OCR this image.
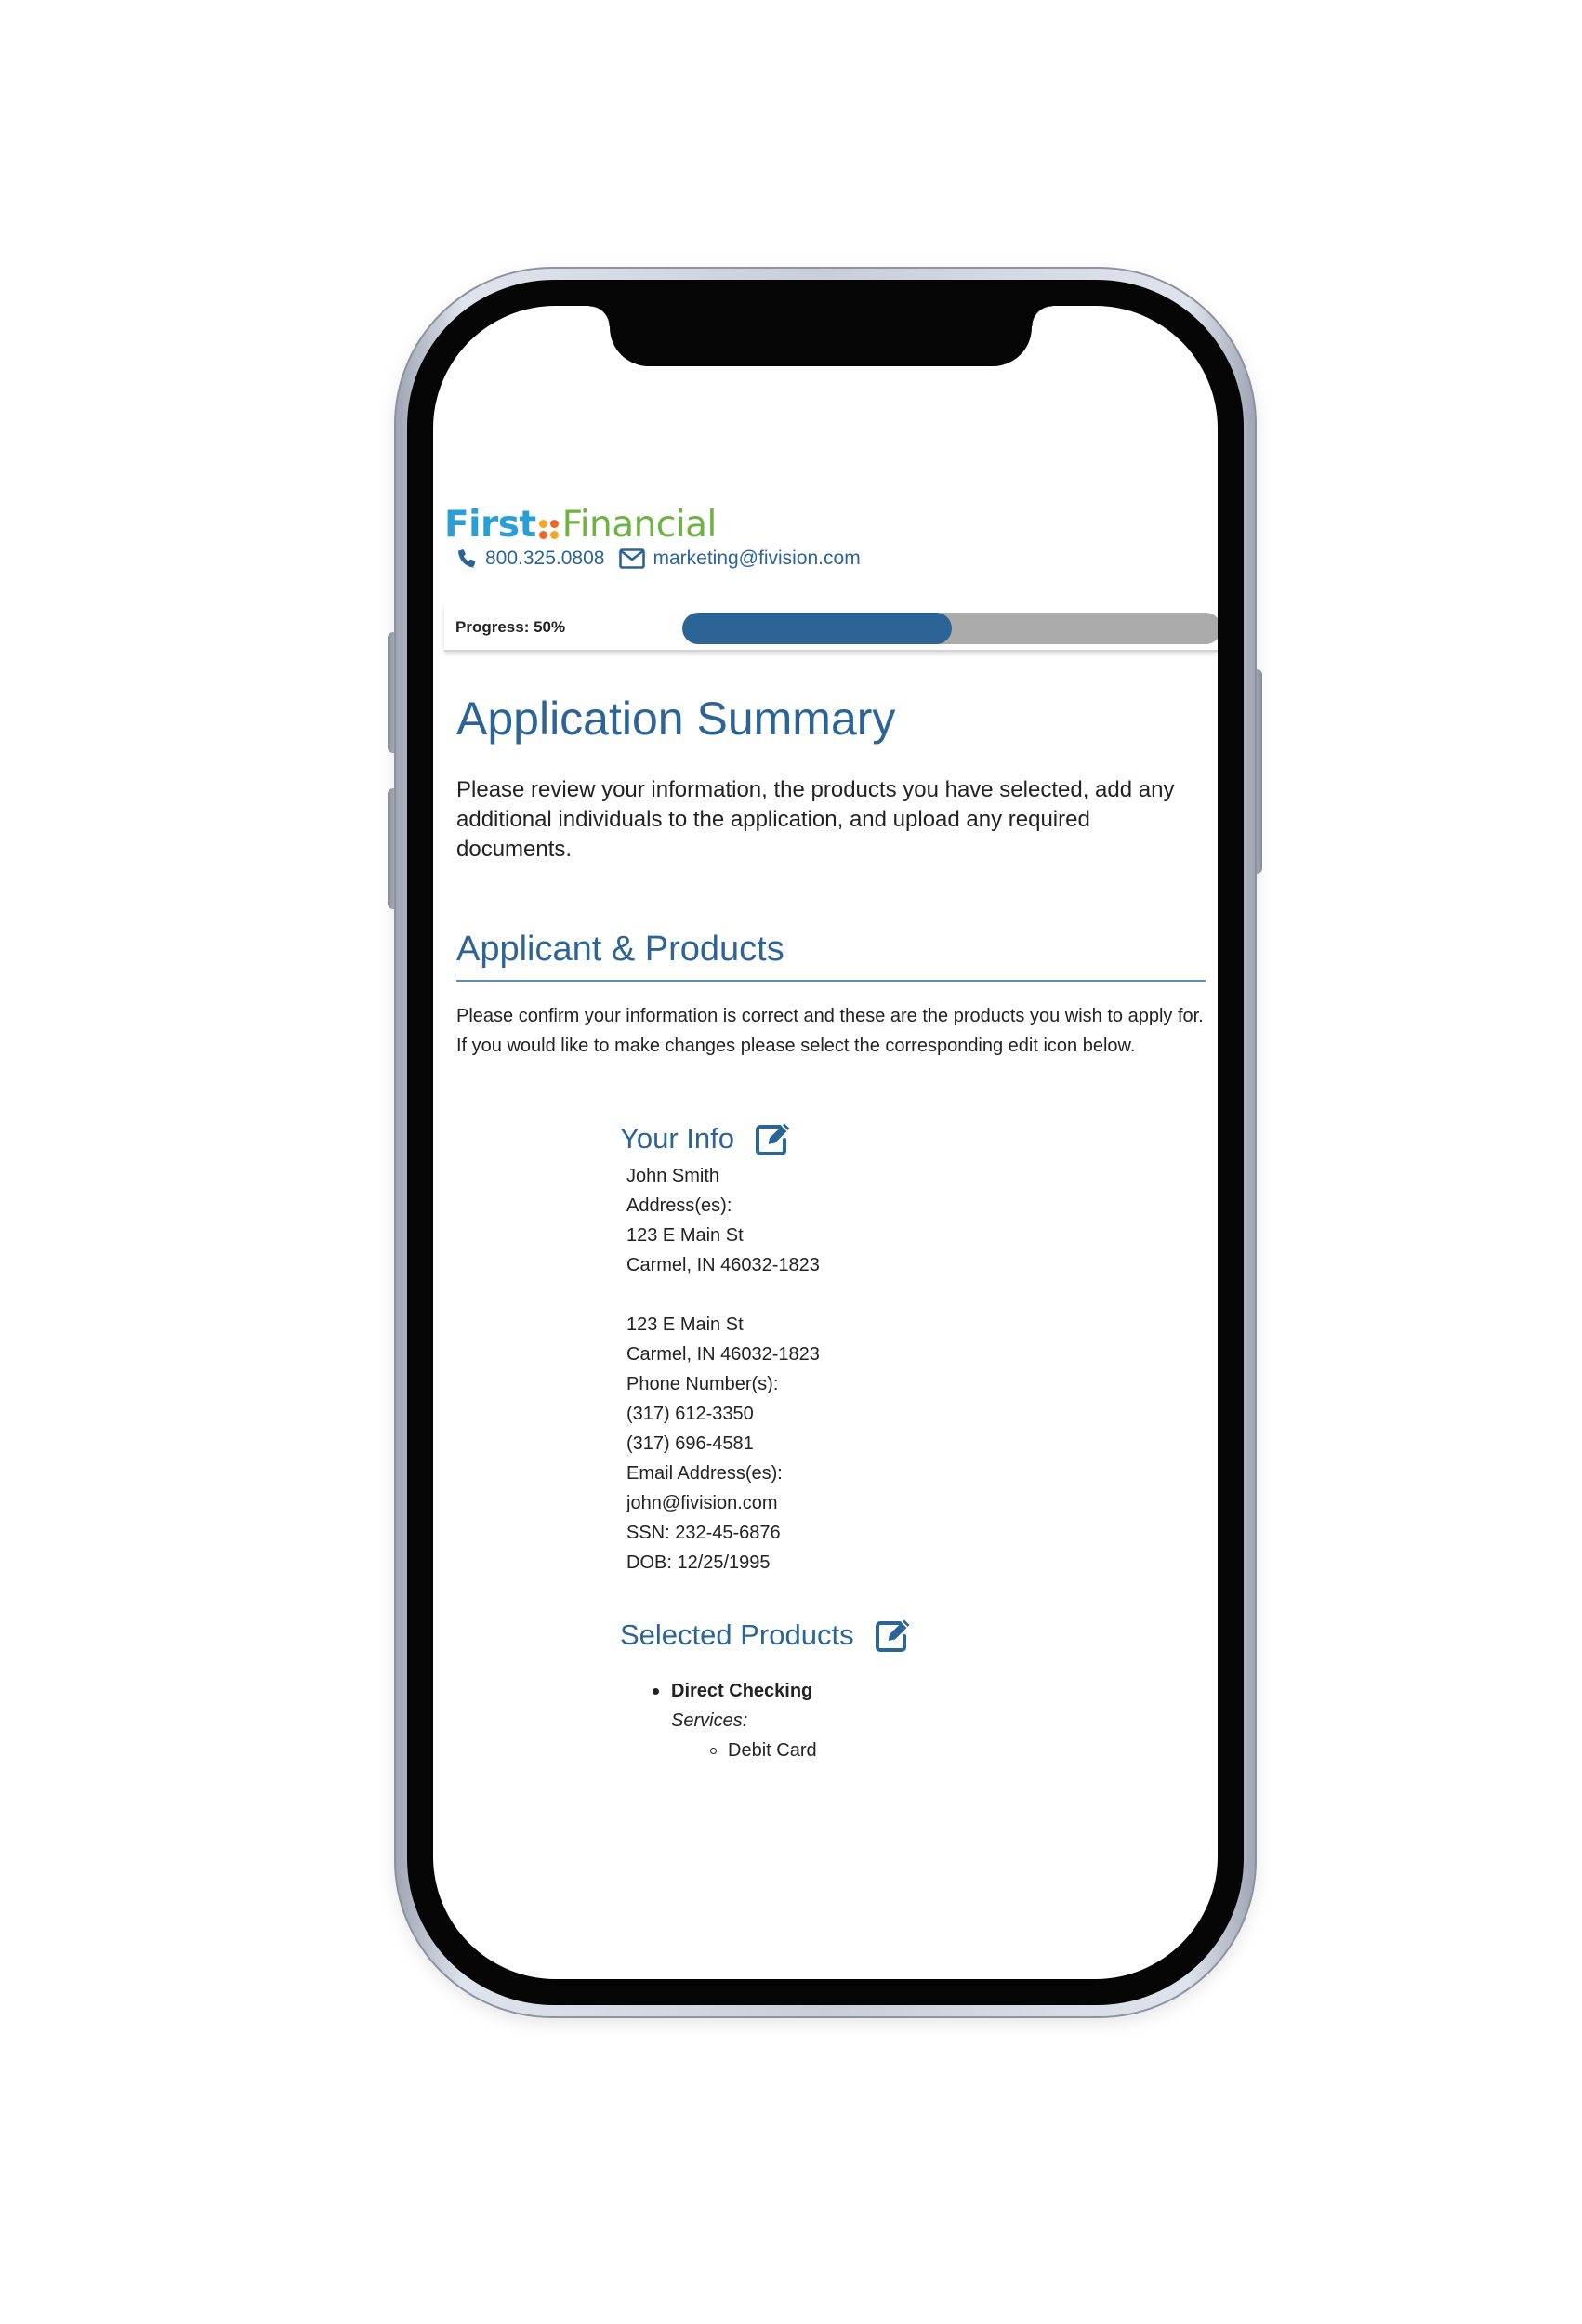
First Financial
800.325.0808 marketing@fivision.com
Progress: 50%
Application Summary

Please review your information, the products you have selected, add any additional individuals to the application, and upload any required documents.

Applicant & Products

Please confirm your information is correct and these are the products you wish to apply for. If you would like to make changes please select the corresponding edit icon below.

Your Info
John Smith
Address(es):
123 E Main St
Carmel, IN 46032-1823
123 E Main St
Carmel, IN 46032-1823
Phone Number(s):
(317) 612-3350
(317) 696-4581
Email Address(es):
john@fivision.com
SSN: 232-45-6876
DOB: 12/25/1995
Selected Products
Direct Checking
Services:
Debit Card
